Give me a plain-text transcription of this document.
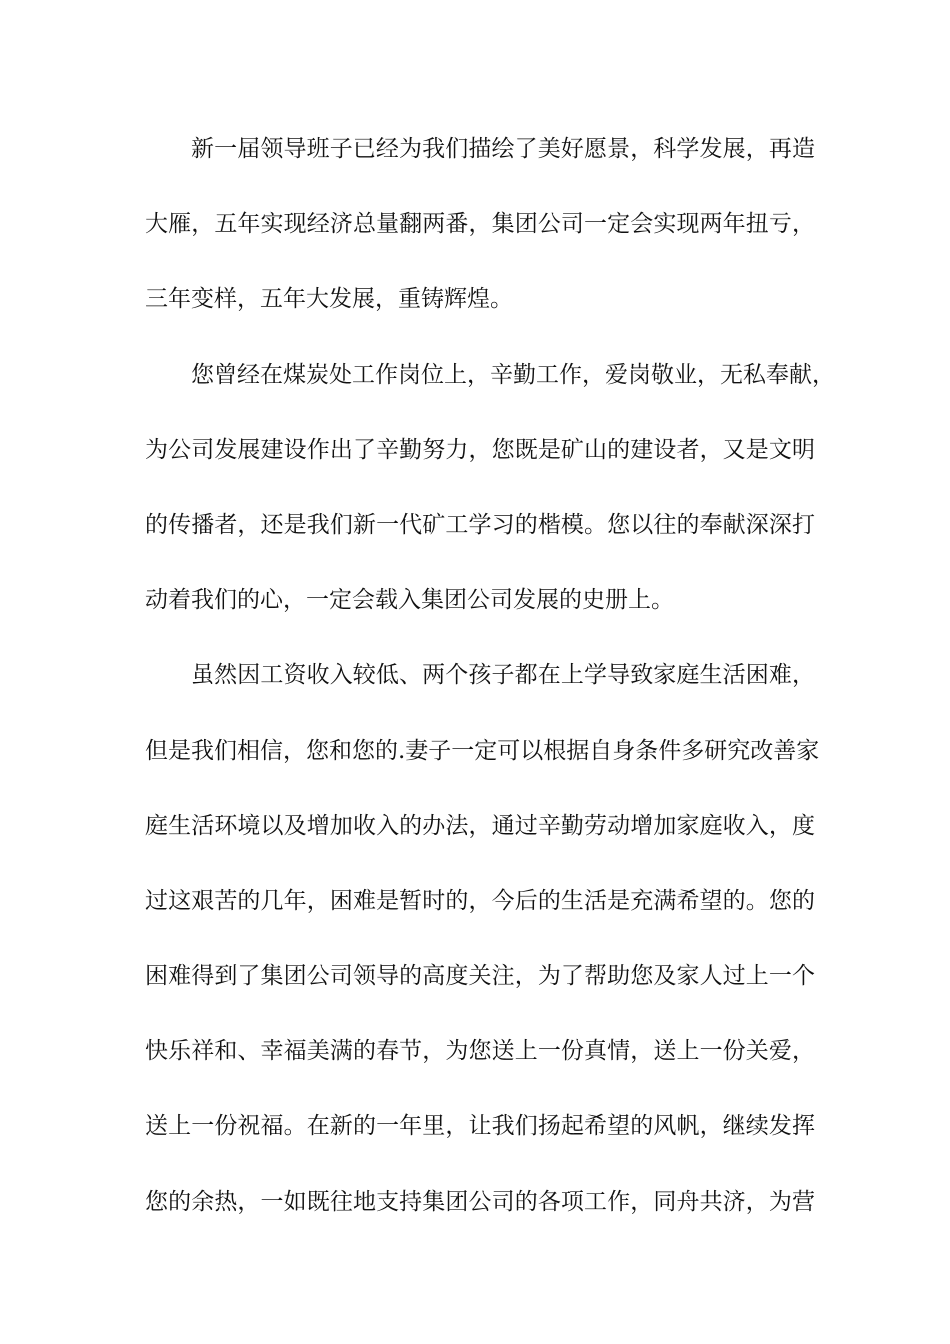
新一届领导班子已经为我们描绘了美好愿景，科学发展，再造

大雁，五年实现经济总量翻两番，集团公司一定会实现两年扭亏，

三年变样，五年大发展，重铸辉煌。

您曾经在煤炭处工作岗位上，辛勤工作，爱岗敬业，无私奉献，

为公司发展建设作出了辛勤努力，您既是矿山的建设者，又是文明

的传播者，还是我们新一代矿工学习的楷模。您以往的奉献深深打

动着我们的心，一定会载入集团公司发展的史册上。

虽然因工资收入较低、两个孩子都在上学导致家庭生活困难，

但是我们相信，您和您的.妻子一定可以根据自身条件多研究改善家

庭生活环境以及增加收入的办法，通过辛勤劳动增加家庭收入，度

过这艰苦的几年，困难是暂时的，今后的生活是充满希望的。您的

困难得到了集团公司领导的高度关注，为了帮助您及家人过上一个

快乐祥和、幸福美满的春节，为您送上一份真情，送上一份关爱，

送上一份祝福。在新的一年里，让我们扬起希望的风帆，继续发挥

您的余热，一如既往地支持集团公司的各项工作，同舟共济，为营
